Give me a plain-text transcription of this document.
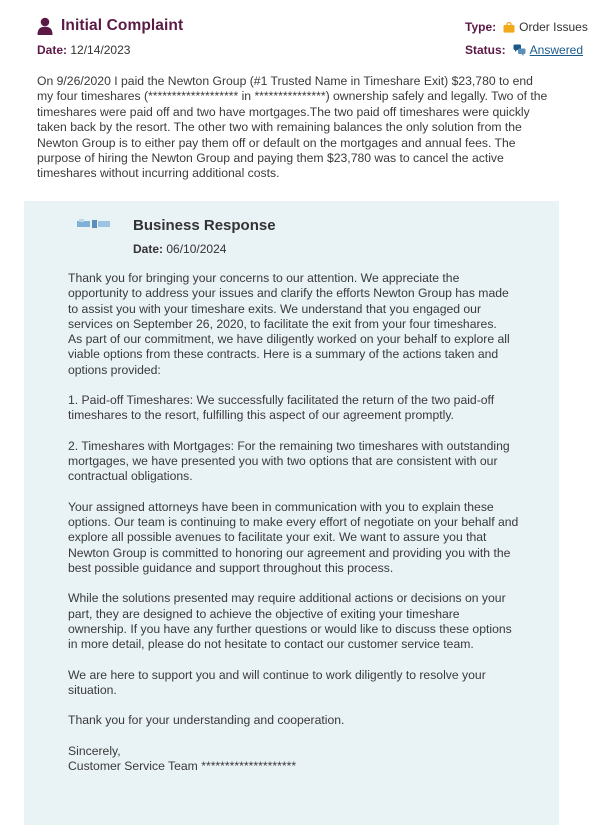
Initial Complaint
Date: 12/14/2023
Type: Order Issues
Status: Answered

On 9/26/2020 I paid the Newton Group (#1 Trusted Name in Timeshare Exit) $23,780 to end my four timeshares (******************* in ***************) ownership safely and legally. Two of the timeshares were paid off and two have mortgages.The two paid off timeshares were quickly taken back by the resort. The other two with remaining balances the only solution from the Newton Group is to either pay them off or default on the mortgages and annual fees. The purpose of hiring the Newton Group and paying them $23,780 was to cancel the active timeshares without incurring additional costs.

Business Response
Date: 06/10/2024

Thank you for bringing your concerns to our attention. We appreciate the opportunity to address your issues and clarify the efforts Newton Group has made to assist you with your timeshare exits. We understand that you engaged our services on September 26, 2020, to facilitate the exit from your four timeshares.

As part of our commitment, we have diligently worked on your behalf to explore all viable options from these contracts. Here is a summary of the actions taken and options provided:

1. Paid-off Timeshares: We successfully facilitated the return of the two paid-off timeshares to the resort, fulfilling this aspect of our agreement promptly.

2. Timeshares with Mortgages: For the remaining two timeshares with outstanding mortgages, we have presented you with two options that are consistent with our contractual obligations.

Your assigned attorneys have been in communication with you to explain these options. Our team is continuing to make every effort of negotiate on your behalf and explore all possible avenues to facilitate your exit. We want to assure you that Newton Group is committed to honoring our agreement and providing you with the best possible guidance and support throughout this process.

While the solutions presented may require additional actions or decisions on your part, they are designed to achieve the objective of exiting your timeshare ownership. If you have any further questions or would like to discuss these options in more detail, please do not hesitate to contact our customer service team.

We are here to support you and will continue to work diligently to resolve your situation.

Thank you for your understanding and cooperation.

Sincerely,

Customer Service Team ********************
